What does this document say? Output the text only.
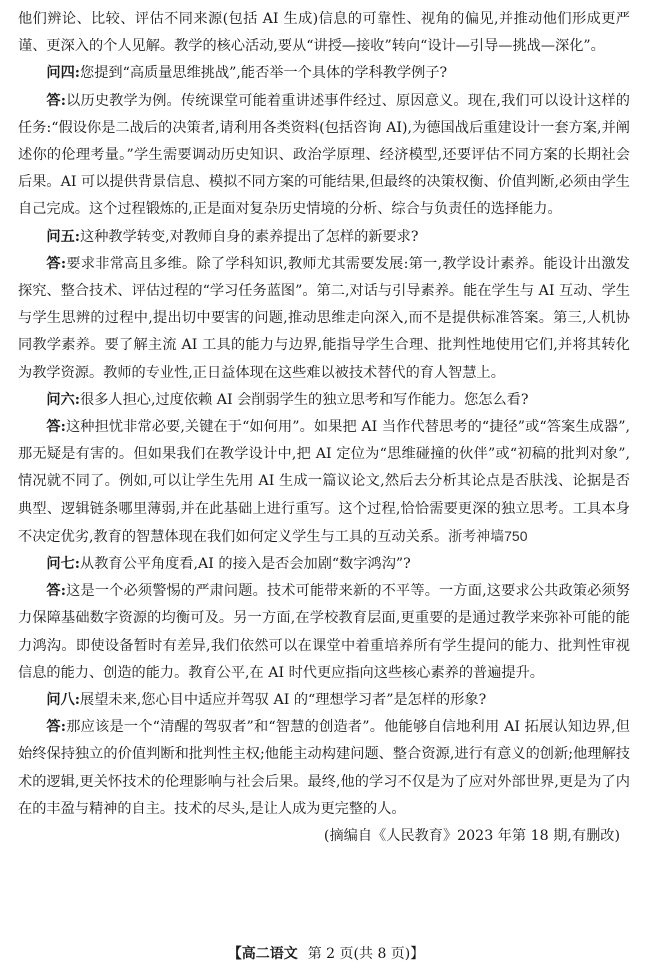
他们辨论、比较、评估不同来源(包括 AI 生成)信息的可靠性、视角的偏见,并推动他们形成更严谨、更深入的个人见解。教学的核心活动,要从“讲授—接收”转向“设计—引导—挑战—深化”。

问四:您提到“高质量思维挑战”,能否举一个具体的学科教学例子?

答:以历史教学为例。传统课堂可能着重讲述事件经过、原因意义。现在,我们可以设计这样的任务:“假设你是二战后的决策者,请利用各类资料(包括咨询 AI),为德国战后重建设计一套方案,并阐述你的伦理考量。”学生需要调动历史知识、政治学原理、经济模型,还要评估不同方案的长期社会后果。AI 可以提供背景信息、模拟不同方案的可能结果,但最终的决策权衡、价值判断,必须由学生自己完成。这个过程锻炼的,正是面对复杂历史情境的分析、综合与负责任的选择能力。

问五:这种教学转变,对教师自身的素养提出了怎样的新要求?

答:要求非常高且多维。除了学科知识,教师尤其需要发展:第一,教学设计素养。能设计出激发探究、整合技术、评估过程的“学习任务蓝图”。第二,对话与引导素养。能在学生与 AI 互动、学生与学生思辨的过程中,提出切中要害的问题,推动思维走向深入,而不是提供标准答案。第三,人机协同教学素养。要了解主流 AI 工具的能力与边界,能指导学生合理、批判性地使用它们,并将其转化为教学资源。教师的专业性,正日益体现在这些难以被技术替代的育人智慧上。

问六:很多人担心,过度依赖 AI 会削弱学生的独立思考和写作能力。您怎么看?

答:这种担忧非常必要,关键在于“如何用”。如果把 AI 当作代替思考的“捷径”或“答案生成器”,那无疑是有害的。但如果我们在教学设计中,把 AI 定位为“思维碰撞的伙伴”或“初稿的批判对象”,情况就不同了。例如,可以让学生先用 AI 生成一篇议论文,然后去分析其论点是否肤浅、论据是否典型、逻辑链条哪里薄弱,并在此基础上进行重写。这个过程,恰恰需要更深的独立思考。工具本身不决定优劣,教育的智慧体现在我们如何定义学生与工具的互动关系。浙考神墙750

问七:从教育公平角度看,AI 的接入是否会加剧“数字鸿沟”?

答:这是一个必须警惕的严肃问题。技术可能带来新的不平等。一方面,这要求公共政策必须努力保障基础数字资源的均衡可及。另一方面,在学校教育层面,更重要的是通过教学来弥补可能的能力鸿沟。即使设备暂时有差异,我们依然可以在课堂中着重培养所有学生提问的能力、批判性审视信息的能力、创造的能力。教育公平,在 AI 时代更应指向这些核心素养的普遍提升。

问八:展望未来,您心目中适应并驾驭 AI 的“理想学习者”是怎样的形象?

答:那应该是一个“清醒的驾驭者”和“智慧的创造者”。他能够自信地利用 AI 拓展认知边界,但始终保持独立的价值判断和批判性主权;他能主动构建问题、整合资源,进行有意义的创新;他理解技术的逻辑,更关怀技术的伦理影响与社会后果。最终,他的学习不仅是为了应对外部世界,更是为了内在的丰盈与精神的自主。技术的尽头,是让人成为更完整的人。

(摘编自《人民教育》2023 年第 18 期,有删改)

【高二语文 第 2 页(共 8 页)】
